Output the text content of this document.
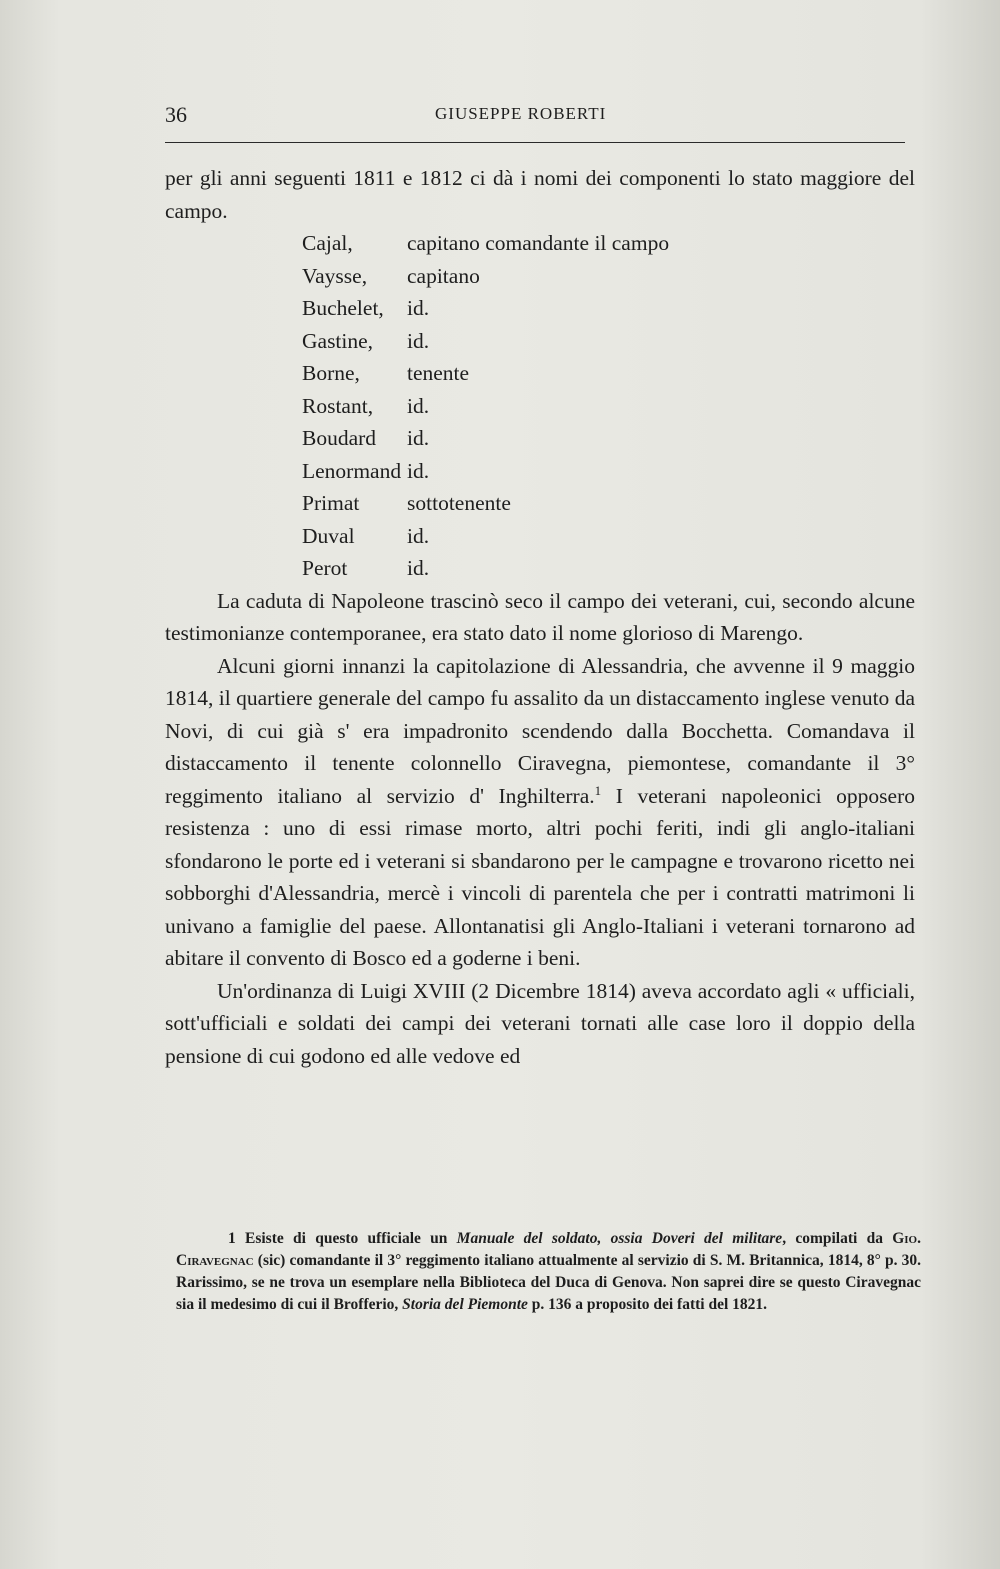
36	GIUSEPPE ROBERTI

per gli anni seguenti 1811 e 1812 ci dà i nomi dei componenti lo stato maggiore del campo.

Cajal,	capitano comandante il campo
Vaysse,	capitano
Buchelet,	id.
Gastine,	id.
Borne,	tenente
Rostant,	id.
Boudard	id.
Lenormand id.
Primat	sottotenente
Duval	id.
Perot	id.

La caduta di Napoleone trascinò seco il campo dei veterani, cui, secondo alcune testimonianze contemporanee, era stato dato il nome glorioso di Marengo.

Alcuni giorni innanzi la capitolazione di Alessandria, che avvenne il 9 maggio 1814, il quartiere generale del campo fu assalito da un distaccamento inglese venuto da Novi, di cui già s' era impadronito scendendo dalla Bocchetta. Comandava il distaccamento il tenente colonnello Ciravegna, piemontese, comandante il 3° reggimento italiano al servizio d' Inghilterra.$^1$ I veterani napoleonici opposero resistenza : uno di essi rimase morto, altri pochi feriti, indi gli anglo-italiani sfondarono le porte ed i veterani si sbandarono per le campagne e trovarono ricetto nei sobborghi d'Alessandria, mercè i vincoli di parentela che per i contratti matrimoni li univano a famiglie del paese. Allontanatisi gli Anglo-Italiani i veterani tornarono ad abitare il convento di Bosco ed a goderne i beni.

Un'ordinanza di Luigi XVIII (2 Dicembre 1814) aveva accordato agli « ufficiali, sott'ufficiali e soldati dei campi dei veterani tornati alle case loro il doppio della pensione di cui godono ed alle vedove ed

1 Esiste di questo ufficiale un Manuale del soldato, ossia Doveri del militare, compilati da Gio. Ciravegnac (sic) comandante il 3° reggimento italiano attualmente al servizio di S. M. Britannica, 1814, 8° p. 30. Rarissimo, se ne trova un esemplare nella Biblioteca del Duca di Genova. Non saprei dire se questo Ciravegnac sia il medesimo di cui il Brofferio, Storia del Piemonte p. 136 a proposito dei fatti del 1821.
